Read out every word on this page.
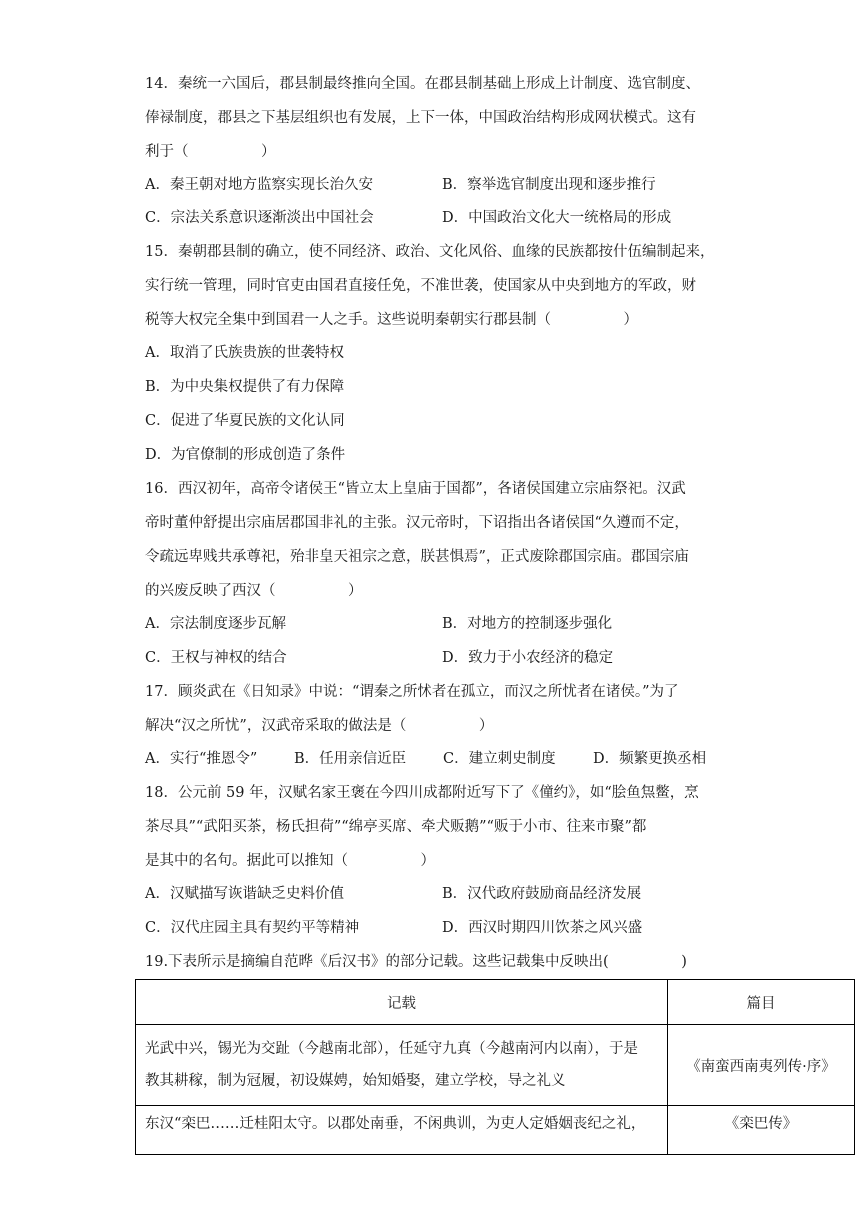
14．秦统一六国后，郡县制最终推向全国。在郡县制基础上形成上计制度、选官制度、
俸禄制度，郡县之下基层组织也有发展，上下一体，中国政治结构形成网状模式。这有
利于（　　　　　）
A．秦王朝对地方监察实现长治久安	B．察举选官制度出现和逐步推行
C．宗法关系意识逐渐淡出中国社会	D．中国政治文化大一统格局的形成
15．秦朝郡县制的确立，使不同经济、政治、文化风俗、血缘的民族都按什伍编制起来，
实行统一管理，同时官吏由国君直接任免，不准世袭，使国家从中央到地方的军政，财
税等大权完全集中到国君一人之手。这些说明秦朝实行郡县制（　　　　　）
A．取消了氏族贵族的世袭特权
B．为中央集权提供了有力保障
C．促进了华夏民族的文化认同
D．为官僚制的形成创造了条件
16．西汉初年，高帝令诸侯王“皆立太上皇庙于国都”，各诸侯国建立宗庙祭祀。汉武
帝时董仲舒提出宗庙居郡国非礼的主张。汉元帝时，下诏指出各诸侯国“久遵而不定，
令疏远卑贱共承尊祀，殆非皇天祖宗之意，朕甚惧焉”，正式废除郡国宗庙。郡国宗庙
的兴废反映了西汉（　　　　　）
A．宗法制度逐步瓦解	B．对地方的控制逐步强化
C．王权与神权的结合	D．致力于小农经济的稳定
17．顾炎武在《日知录》中说：“谓秦之所怵者在孤立，而汉之所忧者在诸侯。”为了
解决“汉之所忧”，汉武帝采取的做法是（　　　　　）
A．实行“推恩令”	B．任用亲信近臣	C．建立刺史制度	D．频繁更换丞相
18．公元前 59 年，汉赋名家王褒在今四川成都附近写下了《僮约》，如“脍鱼炰鳖，烹
茶尽具”“武阳买茶，杨氏担荷”“绵亭买席、牵犬贩鹅”“贩于小市、往来市聚”都
是其中的名句。据此可以推知（　　　　　）
A．汉赋描写诙谐缺乏史料价值	B．汉代政府鼓励商品经济发展
C．汉代庄园主具有契约平等精神	D．西汉时期四川饮茶之风兴盛
19.下表所示是摘编自范晔《后汉书》的部分记载。这些记载集中反映出(　　　　　)
记载	篇目

光武中兴，锡光为交趾（今越南北部），任延守九真（今越南河内以南），于是
教其耕稼，制为冠履，初设媒娉，始知婚娶，建立学校，导之礼义	《南蛮西南夷列传·序》

东汉“栾巴……迁桂阳太守。以郡处南垂，不闲典训，为吏人定婚姻丧纪之礼，	《栾巴传》
